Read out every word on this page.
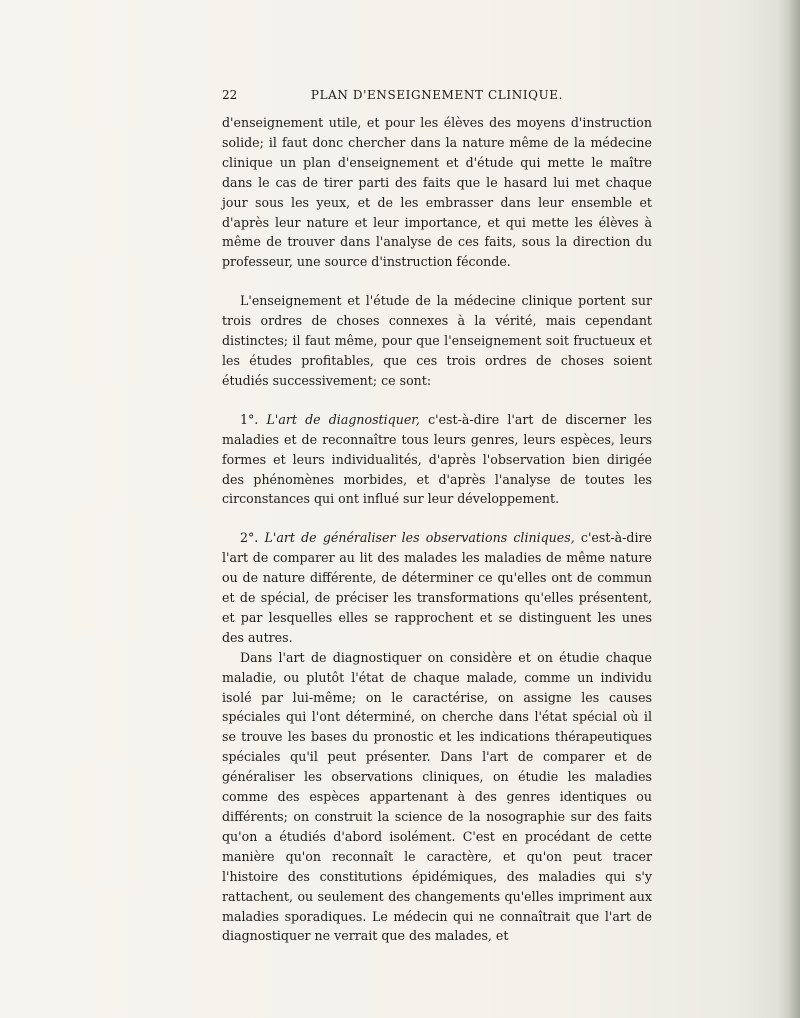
22	PLAN D'ENSEIGNEMENT CLINIQUE.

d'enseignement utile, et pour les élèves des moyens d'instruction solide; il faut donc chercher dans la nature même de la médecine clinique un plan d'enseignement et d'étude qui mette le maître dans le cas de tirer parti des faits que le hasard lui met chaque jour sous les yeux, et de les embrasser dans leur ensemble et d'après leur nature et leur importance, et qui mette les élèves à même de trouver dans l'analyse de ces faits, sous la direction du professeur, une source d'instruction féconde.

L'enseignement et l'étude de la médecine clinique portent sur trois ordres de choses connexes à la vérité, mais cependant distinctes; il faut même, pour que l'enseignement soit fructueux et les études profitables, que ces trois ordres de choses soient étudiés successivement; ce sont:

1°. L'art de diagnostiquer, c'est-à-dire l'art de discerner les maladies et de reconnaître tous leurs genres, leurs espèces, leurs formes et leurs individualités, d'après l'observation bien dirigée des phénomènes morbides, et d'après l'analyse de toutes les circonstances qui ont influé sur leur développement.

2°. L'art de généraliser les observations cliniques, c'est-à-dire l'art de comparer au lit des malades les maladies de même nature ou de nature différente, de déterminer ce qu'elles ont de commun et de spécial, de préciser les transformations qu'elles présentent, et par lesquelles elles se rapprochent et se distinguent les unes des autres.

Dans l'art de diagnostiquer on considère et on étudie chaque maladie, ou plutôt l'état de chaque malade, comme un individu isolé par lui-même; on le caractérise, on assigne les causes spéciales qui l'ont déterminé, on cherche dans l'état spécial où il se trouve les bases du pronostic et les indications thérapeutiques spéciales qu'il peut présenter. Dans l'art de comparer et de généraliser les observations cliniques, on étudie les maladies comme des espèces appartenant à des genres identiques ou différents; on construit la science de la nosographie sur des faits qu'on a étudiés d'abord isolément. C'est en procédant de cette manière qu'on reconnaît le caractère, et qu'on peut tracer l'histoire des constitutions épidémiques, des maladies qui s'y rattachent, ou seulement des changements qu'elles impriment aux maladies sporadiques. Le médecin qui ne connaîtrait que l'art de diagnostiquer ne verrait que des malades, et
